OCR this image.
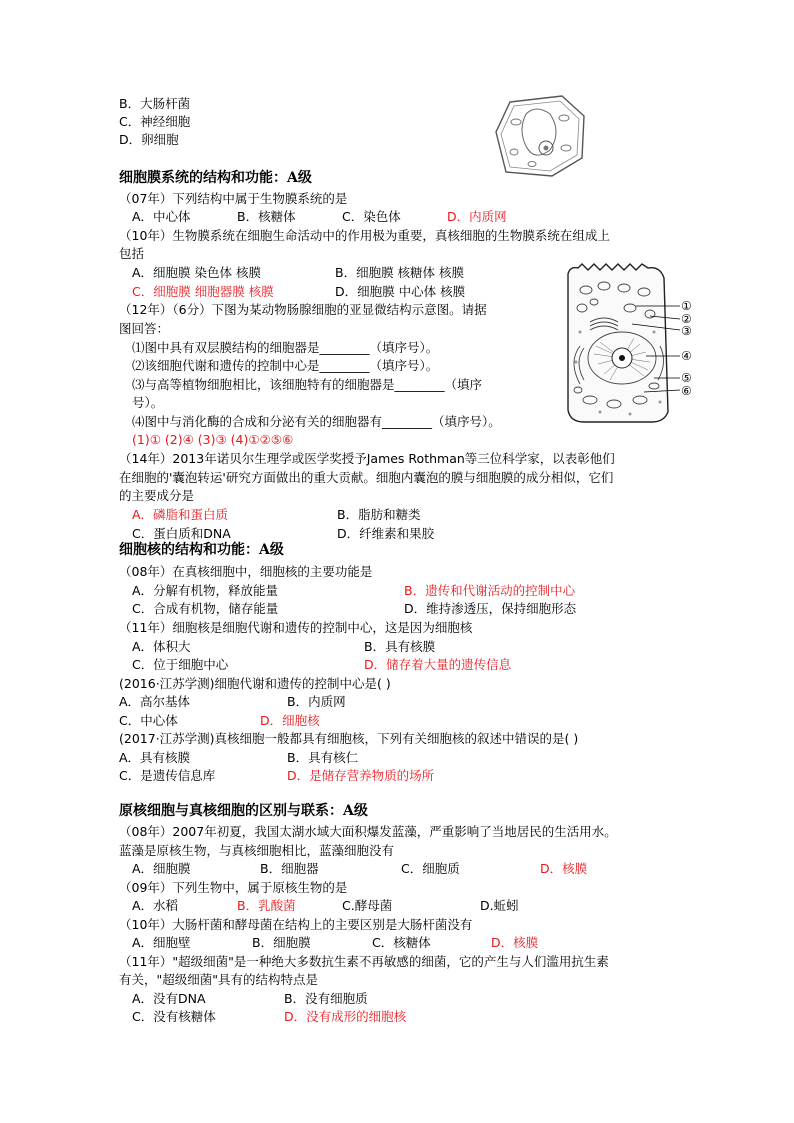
B．大肠杆菌
C．神经细胞
D．卵细胞
细胞膜系统的结构和功能：A级
（07年）下列结构中属于生物膜系统的是
A．中心体	B．核糖体	C．染色体	D．内质网
（10年）生物膜系统在细胞生命活动中的作用极为重要，真核细胞的生物膜系统在组成上
包括
A．细胞膜 染色体 核膜	B．细胞膜 核糖体 核膜
C．细胞膜 细胞器膜 核膜	D．细胞膜 中心体 核膜
（12年）（6分）下图为某动物肠腺细胞的亚显微结构示意图。请据
图回答：
⑴图中具有双层膜结构的细胞器是________（填序号）。
⑵该细胞代谢和遗传的控制中心是________（填序号）。
⑶与高等植物细胞相比，该细胞特有的细胞器是________（填序
号）。
⑷图中与消化酶的合成和分泌有关的细胞器有________（填序号）。
(1)① (2)④ (3)③ (4)①②⑤⑥
①
②
③
④
⑤
⑥
（14年）2013年诺贝尔生理学或医学奖授予James Rothman等三位科学家，以表彰他们
在细胞的'囊泡转运'研究方面做出的重大贡献。细胞内囊泡的膜与细胞膜的成分相似，它们
的主要成分是
A．磷脂和蛋白质	B．脂肪和糖类
C．蛋白质和DNA	D．纤维素和果胶
细胞核的结构和功能：A级
（08年）在真核细胞中，细胞核的主要功能是
A．分解有机物，释放能量	B．遗传和代谢活动的控制中心
C．合成有机物，储存能量	D．维持渗透压，保持细胞形态
（11年）细胞核是细胞代谢和遗传的控制中心，这是因为细胞核
A．体积大	B．具有核膜
C．位于细胞中心	D．储存着大量的遗传信息
(2016·江苏学测)细胞代谢和遗传的控制中心是( )
A．高尔基体	B．内质网
C．中心体	D．细胞核
(2017·江苏学测)真核细胞一般都具有细胞核，下列有关细胞核的叙述中错误的是( )
A．具有核膜	B．具有核仁
C．是遗传信息库	D．是储存营养物质的场所
原核细胞与真核细胞的区别与联系：A级
（08年）2007年初夏，我国太湖水域大面积爆发蓝藻，严重影响了当地居民的生活用水。
蓝藻是原核生物，与真核细胞相比，蓝藻细胞没有
A．细胞膜	B．细胞器	C．细胞质	D．核膜
（09年）下列生物中，属于原核生物的是
A．水稻	B．乳酸菌	C.酵母菌	D.蚯蚓
（10年）大肠杆菌和酵母菌在结构上的主要区别是大肠杆菌没有
A．细胞壁	B．细胞膜	C．核糖体	D．核膜
（11年）"超级细菌"是一种绝大多数抗生素不再敏感的细菌，它的产生与人们滥用抗生素
有关，"超级细菌"具有的结构特点是
A．没有DNA	B．没有细胞质
C．没有核糖体	D．没有成形的细胞核
